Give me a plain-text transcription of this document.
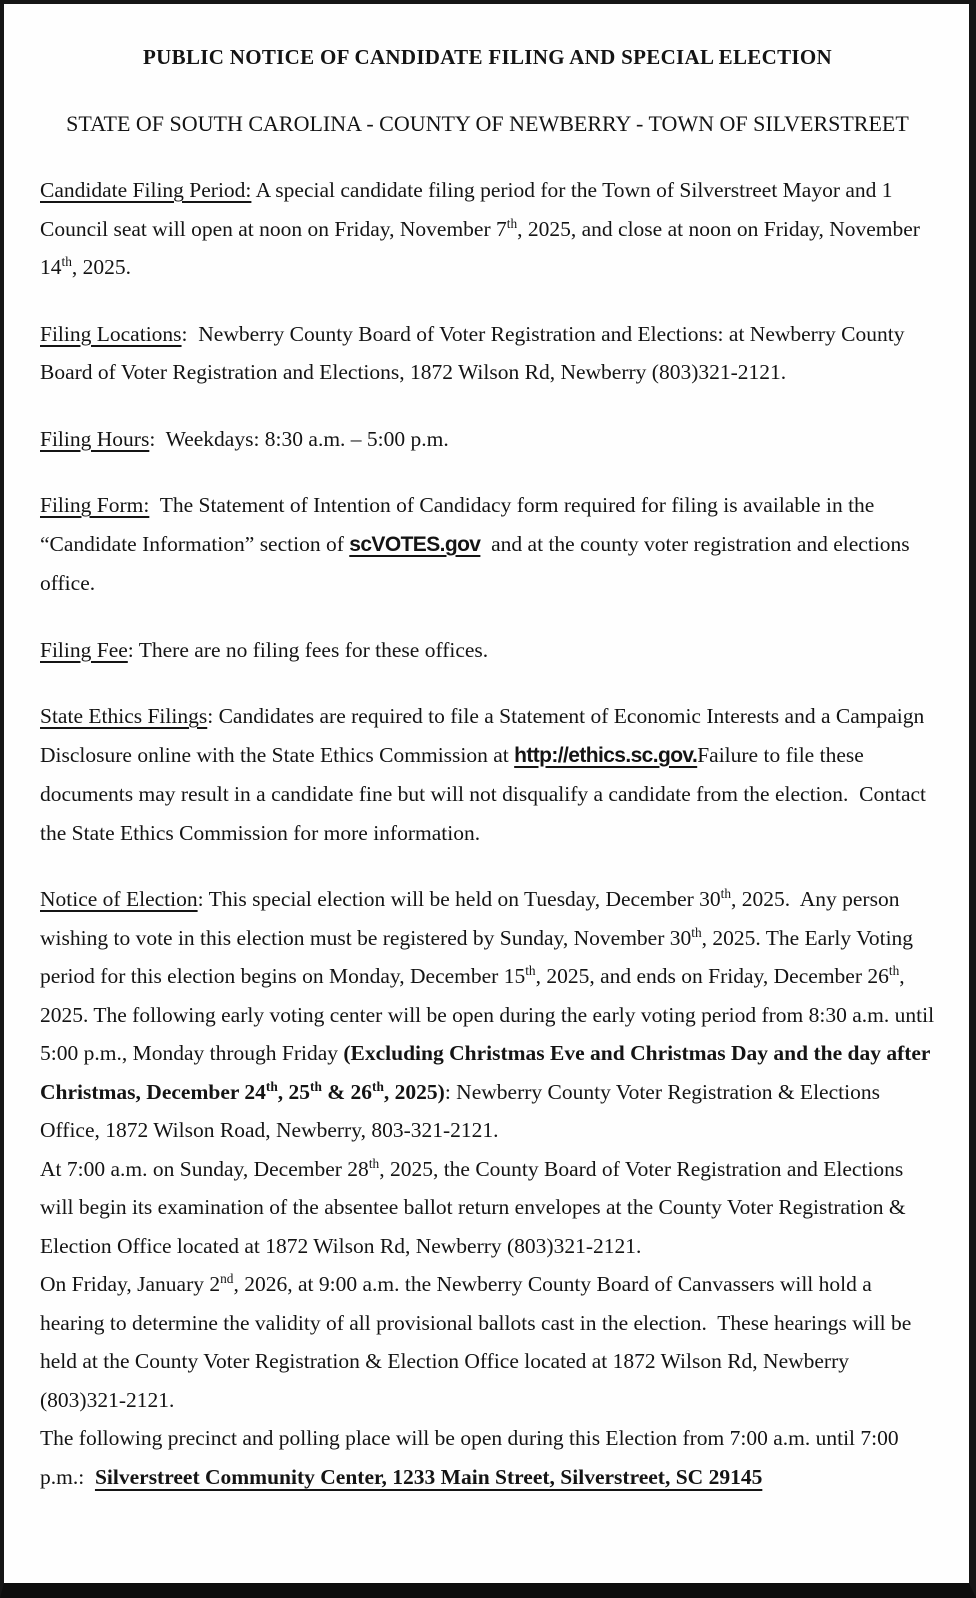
PUBLIC NOTICE OF CANDIDATE FILING AND SPECIAL ELECTION
STATE OF SOUTH CAROLINA - COUNTY OF NEWBERRY - TOWN OF SILVERSTREET

Candidate Filing Period: A special candidate filing period for the Town of Silverstreet Mayor and 1 Council seat will open at noon on Friday, November 7th, 2025, and close at noon on Friday, November 14th, 2025.

Filing Locations:  Newberry County Board of Voter Registration and Elections: at Newberry County Board of Voter Registration and Elections, 1872 Wilson Rd, Newberry (803)321-2121.

Filing Hours:  Weekdays: 8:30 a.m. – 5:00 p.m.

Filing Form:  The Statement of Intention of Candidacy form required for filing is available in the “Candidate Information” section of scVOTES.gov  and at the county voter registration and elections office.

Filing Fee: There are no filing fees for these offices.

State Ethics Filings: Candidates are required to file a Statement of Economic Interests and a Campaign Disclosure online with the State Ethics Commission at http://ethics.sc.gov.Failure to file these documents may result in a candidate fine but will not disqualify a candidate from the election.  Contact the State Ethics Commission for more information.

Notice of Election: This special election will be held on Tuesday, December 30th, 2025.  Any person wishing to vote in this election must be registered by Sunday, November 30th, 2025. The Early Voting period for this election begins on Monday, December 15th, 2025, and ends on Friday, December 26th, 2025. The following early voting center will be open during the early voting period from 8:30 a.m. until 5:00 p.m., Monday through Friday (Excluding Christmas Eve and Christmas Day and the day after Christmas, December 24th, 25th & 26th, 2025): Newberry County Voter Registration & Elections Office, 1872 Wilson Road, Newberry, 803-321-2121.

At 7:00 a.m. on Sunday, December 28th, 2025, the County Board of Voter Registration and Elections will begin its examination of the absentee ballot return envelopes at the County Voter Registration & Election Office located at 1872 Wilson Rd, Newberry (803)321-2121.

On Friday, January 2nd, 2026, at 9:00 a.m. the Newberry County Board of Canvassers will hold a hearing to determine the validity of all provisional ballots cast in the election.  These hearings will be held at the County Voter Registration & Election Office located at 1872 Wilson Rd, Newberry (803)321-2121.

The following precinct and polling place will be open during this Election from 7:00 a.m. until 7:00 p.m.:  Silverstreet Community Center, 1233 Main Street, Silverstreet, SC 29145
